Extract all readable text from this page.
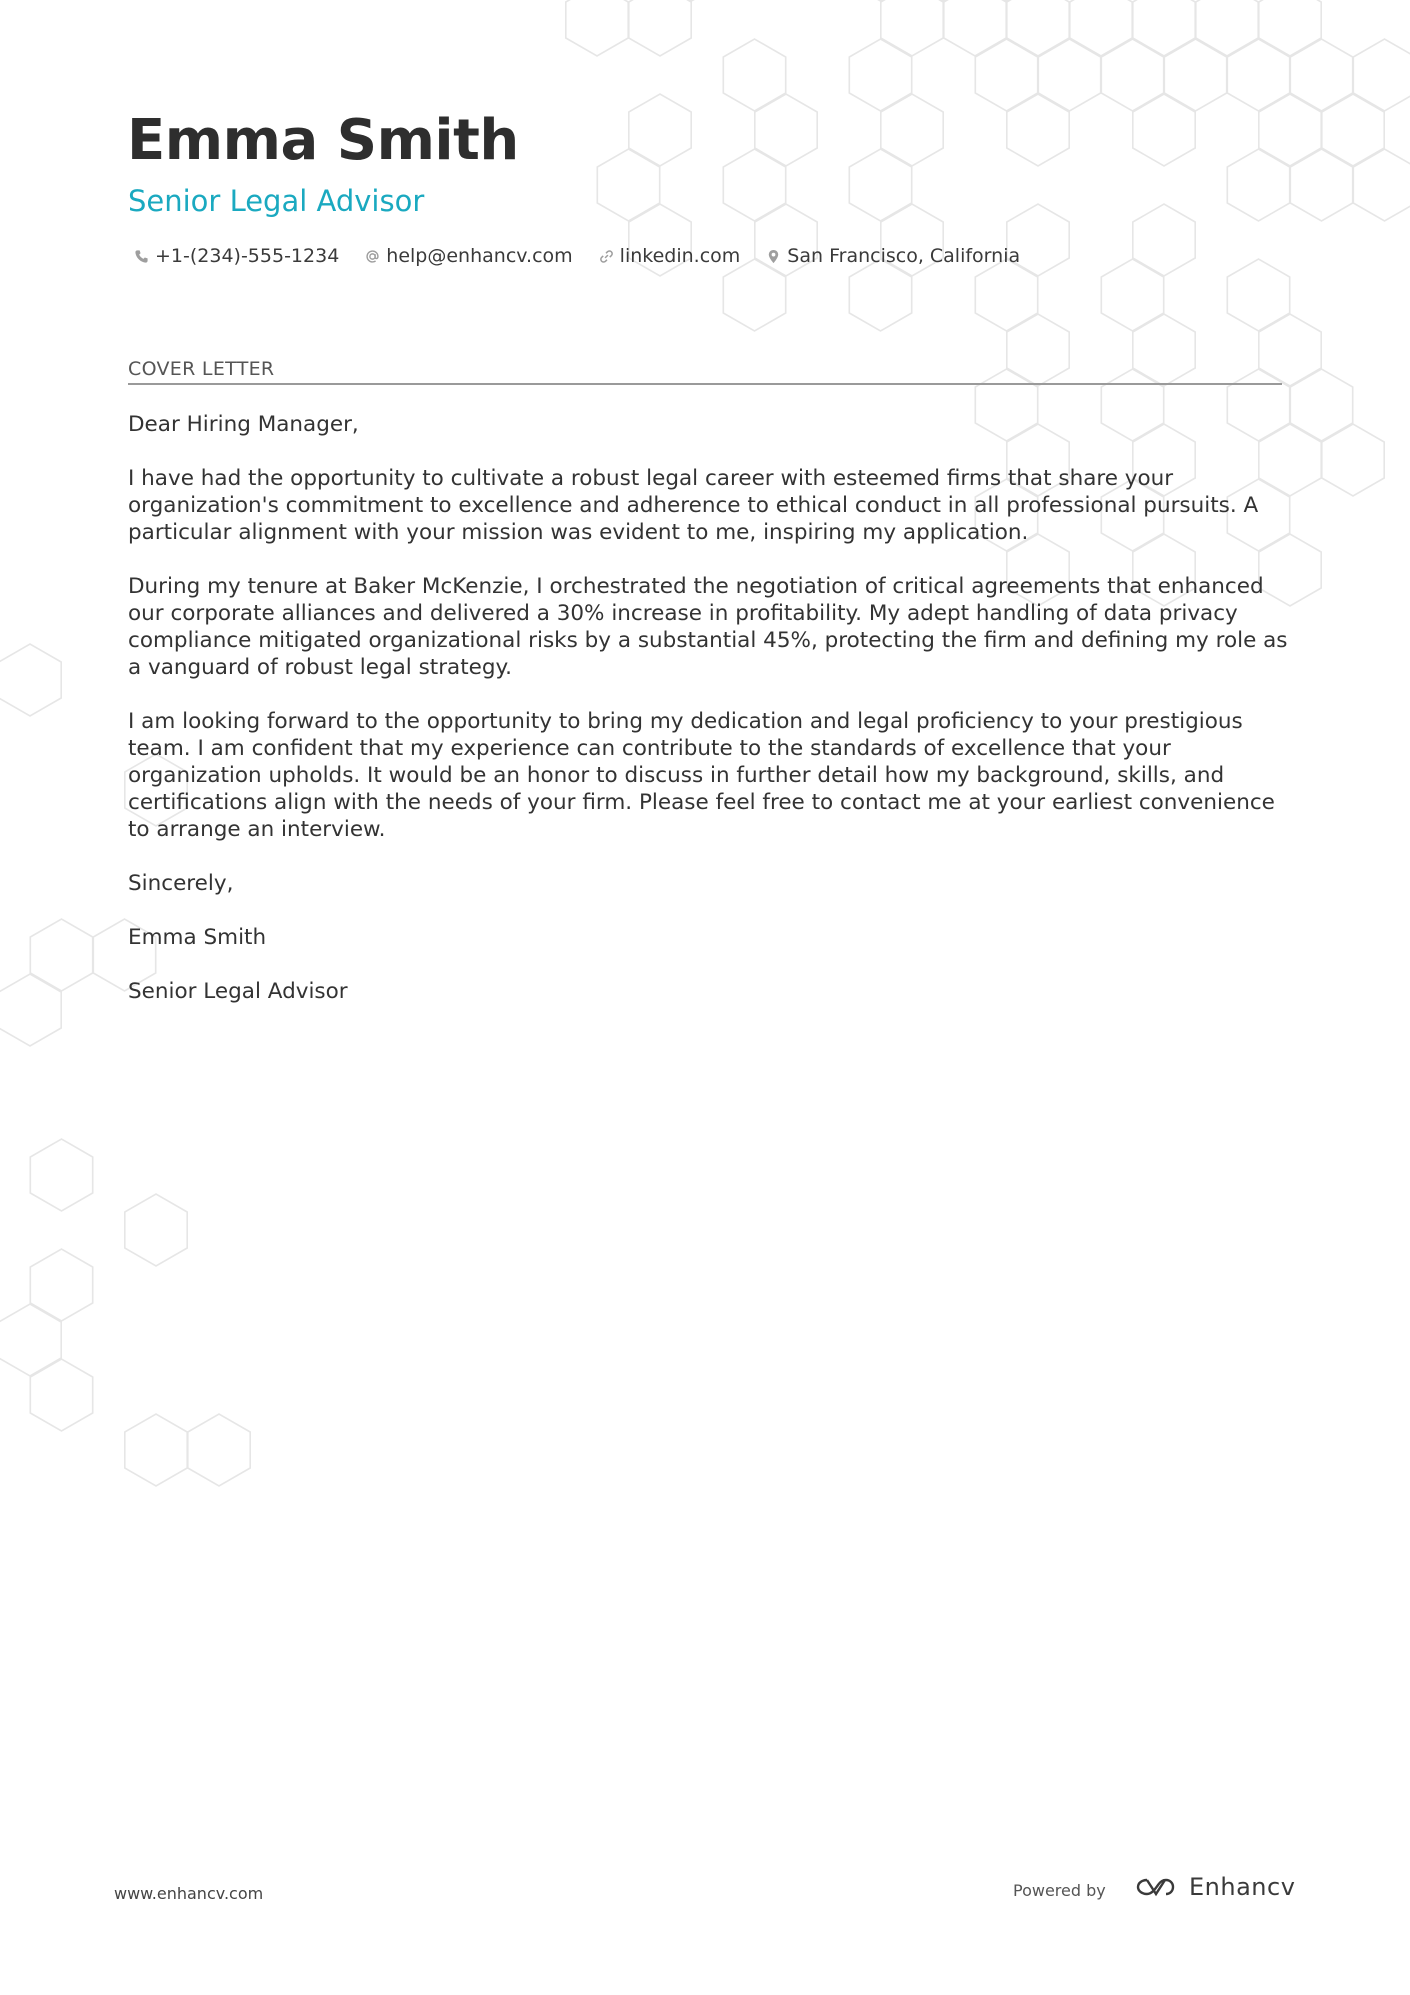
Emma Smith
Senior Legal Advisor
+1-(234)-555-1234 help@enhancv.com linkedin.com San Francisco, California
COVER LETTER

Dear Hiring Manager,

I have had the opportunity to cultivate a robust legal career with esteemed firms that share your organization's commitment to excellence and adherence to ethical conduct in all professional pursuits. A particular alignment with your mission was evident to me, inspiring my application.

During my tenure at Baker McKenzie, I orchestrated the negotiation of critical agreements that enhanced our corporate alliances and delivered a 30% increase in profitability. My adept handling of data privacy compliance mitigated organizational risks by a substantial 45%, protecting the firm and defining my role as a vanguard of robust legal strategy.

I am looking forward to the opportunity to bring my dedication and legal proficiency to your prestigious team. I am confident that my experience can contribute to the standards of excellence that your organization upholds. It would be an honor to discuss in further detail how my background, skills, and certifications align with the needs of your firm. Please feel free to contact me at your earliest convenience to arrange an interview.

Sincerely,

Emma Smith

Senior Legal Advisor

www.enhancv.com	Powered by	Enhancv
